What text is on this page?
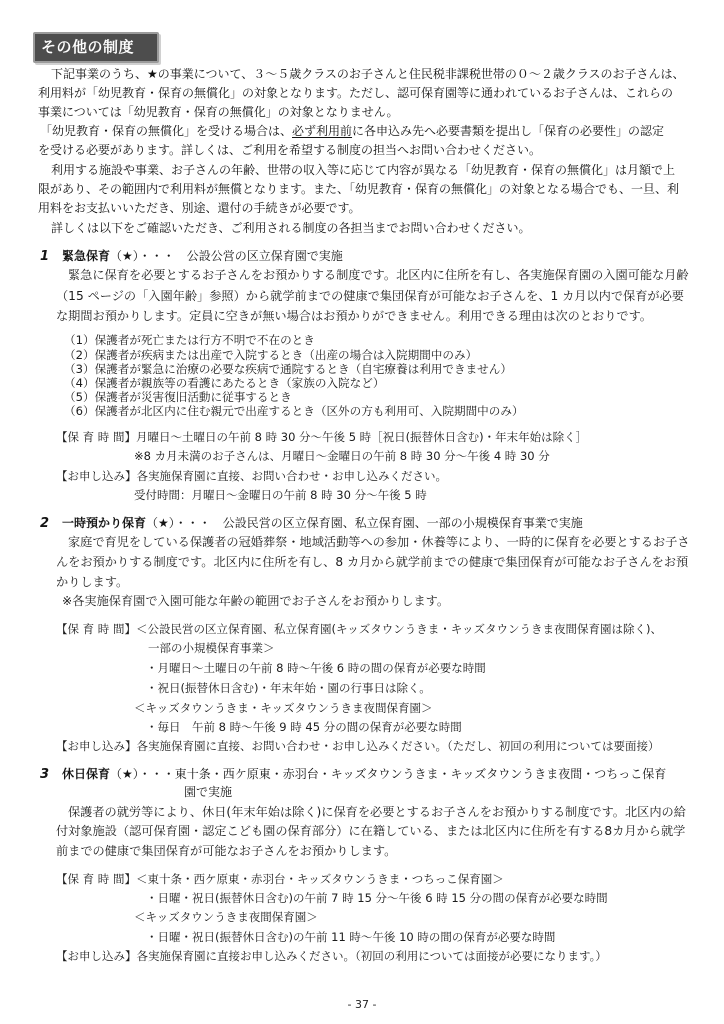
その他の制度
下記事業のうち、★の事業について、３～５歳クラスのお子さんと住民税非課税世帯の０～２歳クラスのお子さんは、
利用料が「幼児教育・保育の無償化」の対象となります。ただし、認可保育園等に通われているお子さんは、これらの
事業については「幼児教育・保育の無償化」の対象となりません。
「幼児教育・保育の無償化」を受ける場合は、必ず利用前に各申込み先へ必要書類を提出し「保育の必要性」の認定
を受ける必要があります。詳しくは、ご利用を希望する制度の担当へお問い合わせください。
利用する施設や事業、お子さんの年齢、世帯の収入等に応じて内容が異なる「幼児教育・保育の無償化」は月額で上
限があり、その範囲内で利用料が無償となります。また、「幼児教育・保育の無償化」の対象となる場合でも、一旦、利
用料をお支払いいただき、別途、還付の手続きが必要です。
詳しくは以下をご確認いただき、ご利用される制度の各担当までお問い合わせください。
1 緊急保育（★）・・・ 公設公営の区立保育園で実施
緊急に保育を必要とするお子さんをお預かりする制度です。北区内に住所を有し、各実施保育園の入園可能な月齢
（15 ページの「入園年齢」参照）から就学前までの健康で集団保育が可能なお子さんを、1 カ月以内で保育が必要
な期間お預かりします。定員に空きが無い場合はお預かりができません。利用できる理由は次のとおりです。
（1）保護者が死亡または行方不明で不在のとき
（2）保護者が疾病または出産で入院するとき（出産の場合は入院期間中のみ）
（3）保護者が緊急に治療の必要な疾病で通院するとき（自宅療養は利用できません）
（4）保護者が親族等の看護にあたるとき（家族の入院など）
（5）保護者が災害復旧活動に従事するとき
（6）保護者が北区内に住む親元で出産するとき（区外の方も利用可、入院期間中のみ）
【保 育 時 間】月曜日～土曜日の午前 8 時 30 分～午後 5 時［祝日(振替休日含む)・年末年始は除く］
※8 カ月未満のお子さんは、月曜日～金曜日の午前 8 時 30 分～午後 4 時 30 分
【お申し込み】各実施保育園に直接、お問い合わせ・お申し込みください。
受付時間：月曜日～金曜日の午前 8 時 30 分～午後 5 時
2 一時預かり保育（★）・・・ 公設民営の区立保育園、私立保育園、一部の小規模保育事業で実施
家庭で育児をしている保護者の冠婚葬祭・地域活動等への参加・休養等により、一時的に保育を必要とするお子さ
んをお預かりする制度です。北区内に住所を有し、8 カ月から就学前までの健康で集団保育が可能なお子さんをお預
かりします。
※各実施保育園で入園可能な年齢の範囲でお子さんをお預かりします。
【保 育 時 間】＜公設民営の区立保育園、私立保育園(キッズタウンうきま・キッズタウンうきま夜間保育園は除く)、
一部の小規模保育事業＞
・月曜日～土曜日の午前 8 時～午後 6 時の間の保育が必要な時間
・祝日(振替休日含む)・年末年始・園の行事日は除く。
＜キッズタウンうきま・キッズタウンうきま夜間保育園＞
・毎日　午前 8 時～午後 9 時 45 分の間の保育が必要な時間
【お申し込み】各実施保育園に直接、お問い合わせ・お申し込みください。（ただし、初回の利用については要面接）
3 休日保育（★）・・・東十条・西ケ原東・赤羽台・キッズタウンうきま・キッズタウンうきま夜間・つちっこ保育
園で実施
保護者の就労等により、休日(年末年始は除く)に保育を必要とするお子さんをお預かりする制度です。北区内の給
付対象施設（認可保育園・認定こども園の保育部分）に在籍している、または北区内に住所を有する8カ月から就学
前までの健康で集団保育が可能なお子さんをお預かりします。
【保 育 時 間】＜東十条・西ケ原東・赤羽台・キッズタウンうきま・つちっこ保育園＞
・日曜・祝日(振替休日含む)の午前 7 時 15 分～午後 6 時 15 分の間の保育が必要な時間
＜キッズタウンうきま夜間保育園＞
・日曜・祝日(振替休日含む)の午前 11 時～午後 10 時の間の保育が必要な時間
【お申し込み】各実施保育園に直接お申し込みください。（初回の利用については面接が必要になります。）
- 37 -
